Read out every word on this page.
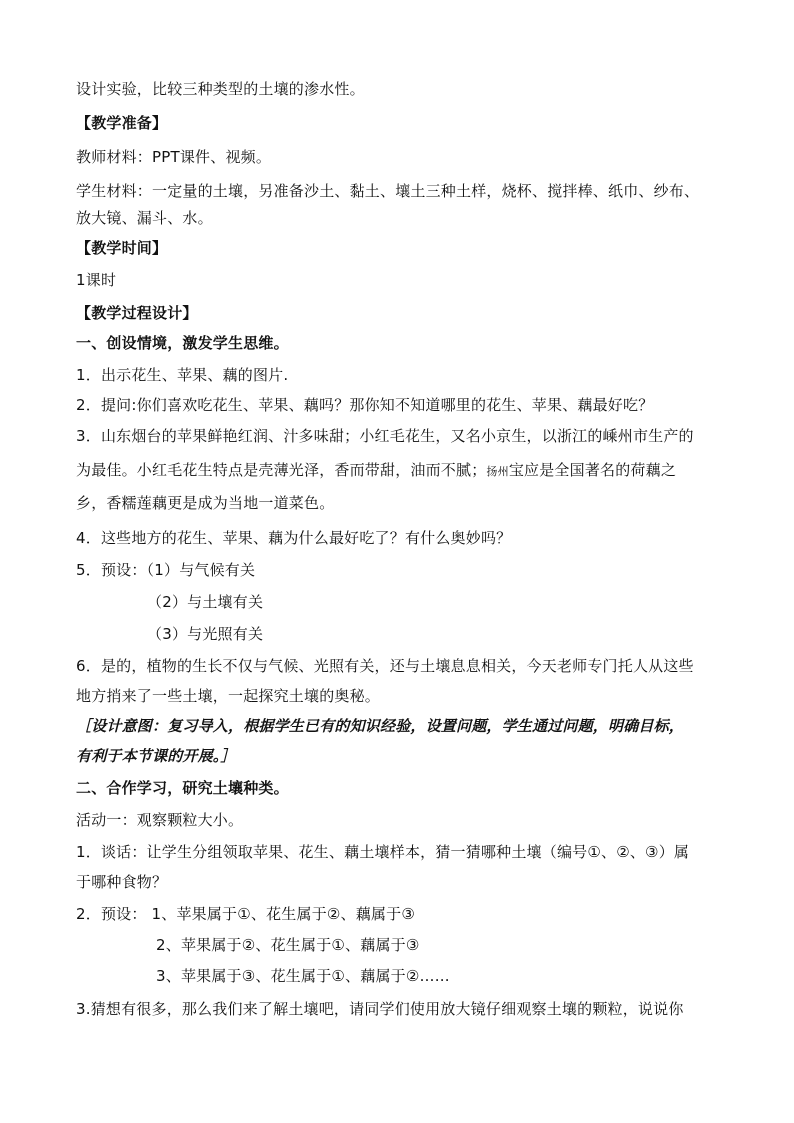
设计实验，比较三种类型的土壤的渗水性。
【教学准备】
教师材料：PPT课件、视频。
学生材料：一定量的土壤，另准备沙土、黏土、壤土三种土样，烧杯、搅拌棒、纸巾、纱布、
放大镜、漏斗、水。
【教学时间】
1课时
【教学过程设计】
一、创设情境，激发学生思维。
1．出示花生、苹果、藕的图片.
2．提问:你们喜欢吃花生、苹果、藕吗？那你知不知道哪里的花生、苹果、藕最好吃？
3．山东烟台的苹果鲜艳红润、汁多味甜；小红毛花生，又名小京生，以浙江的嵊州市生产的
为最佳。小红毛花生特点是壳薄光泽，香而带甜，油而不腻；扬州宝应是全国著名的荷藕之
乡，香糯莲藕更是成为当地一道菜色。
4．这些地方的花生、苹果、藕为什么最好吃了？有什么奥妙吗？
5．预设：（1）与气候有关
（2）与土壤有关
（3）与光照有关
6．是的，植物的生长不仅与气候、光照有关，还与土壤息息相关，今天老师专门托人从这些
地方捎来了一些土壤，一起探究土壤的奥秘。
［设计意图：复习导入，根据学生已有的知识经验，设置问题，学生通过问题，明确目标，
有利于本节课的开展。］
二、合作学习，研究土壤种类。
活动一：观察颗粒大小。
1．谈话：让学生分组领取苹果、花生、藕土壤样本，猜一猜哪种土壤（编号①、②、③）属
于哪种食物？
2．预设： 1、苹果属于①、花生属于②、藕属于③
2、苹果属于②、花生属于①、藕属于③
3、苹果属于③、花生属于①、藕属于②……
3.猜想有很多，那么我们来了解土壤吧，请同学们使用放大镜仔细观察土壤的颗粒，说说你
